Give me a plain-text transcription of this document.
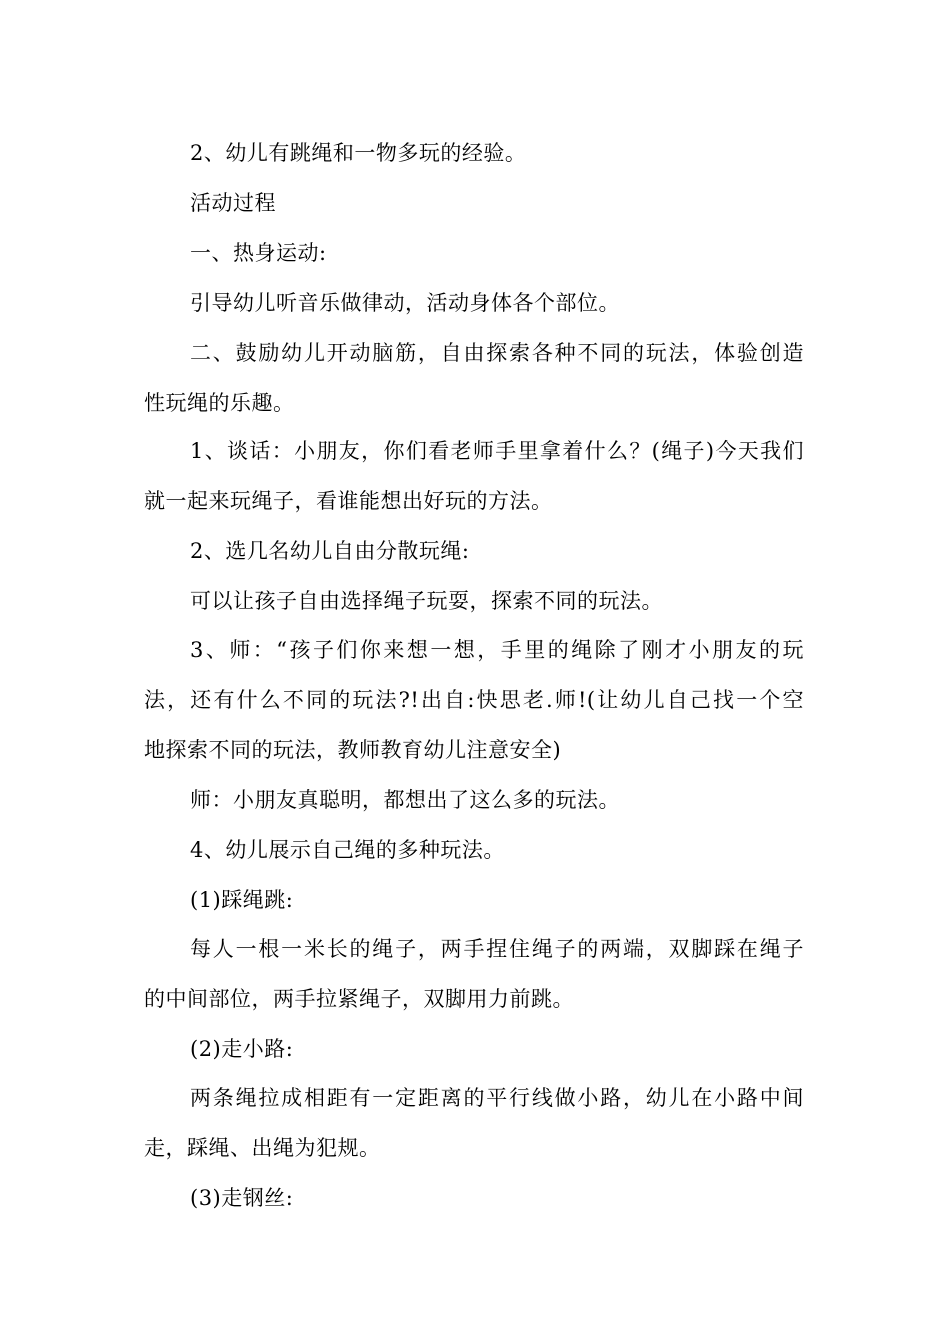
2、幼儿有跳绳和一物多玩的经验。
活动过程
一、热身运动:
引导幼儿听音乐做律动，活动身体各个部位。
二、鼓励幼儿开动脑筋，自由探索各种不同的玩法，体验创造
性玩绳的乐趣。
1、谈话：小朋友，你们看老师手里拿着什么？(绳子)今天我们
就一起来玩绳子，看谁能想出好玩的方法。
2、选几名幼儿自由分散玩绳:
可以让孩子自由选择绳子玩耍，探索不同的玩法。
3、师：“孩子们你来想一想，手里的绳除了刚才小朋友的玩
法，还有什么不同的玩法?!出自:快思老.师!(让幼儿自己找一个空
地探索不同的玩法，教师教育幼儿注意安全)
师：小朋友真聪明，都想出了这么多的玩法。
4、幼儿展示自己绳的多种玩法。
(1)踩绳跳:
每人一根一米长的绳子，两手捏住绳子的两端，双脚踩在绳子
的中间部位，两手拉紧绳子，双脚用力前跳。
(2)走小路:
两条绳拉成相距有一定距离的平行线做小路，幼儿在小路中间
走，踩绳、出绳为犯规。
(3)走钢丝:
